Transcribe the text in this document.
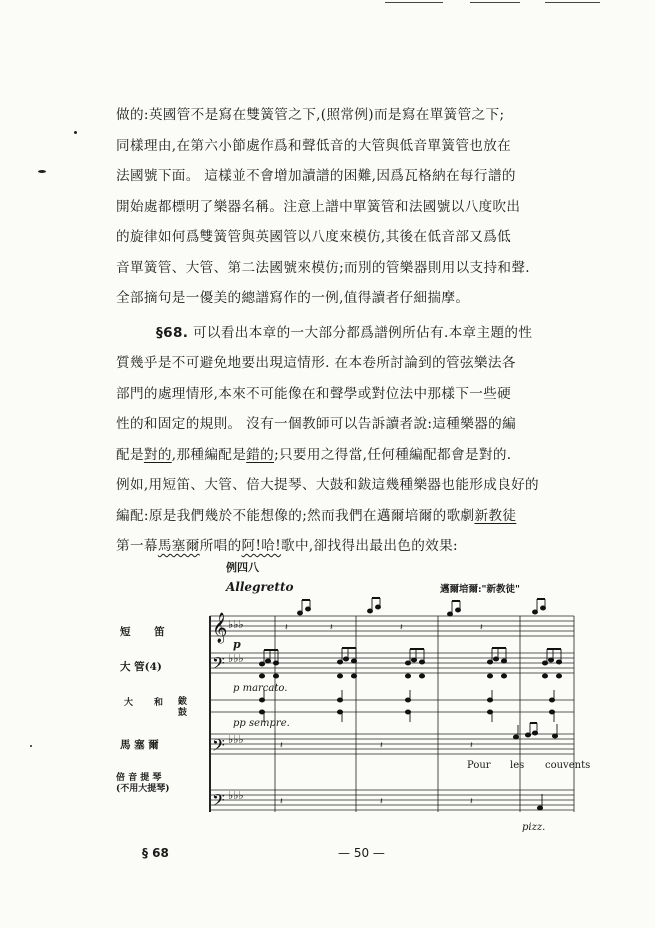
做的:英國管不是寫在雙簧管之下,(照常例)而是寫在單簧管之下;
同樣理由,在第六小節處作爲和聲低音的大管與低音單簧管也放在
法國號下面。 這樣並不會增加讀譜的困難,因爲瓦格納在每行譜的
開始處都標明了樂器名稱。注意上譜中單簧管和法國號以八度吹出
的旋律如何爲雙簧管與英國管以八度來模仿,其後在低音部又爲低
音單簧管、大管、第二法國號來模仿;而別的管樂器則用以支持和聲.
全部摘句是一優美的總譜寫作的一例,值得讀者仔細揣摩。
§68. 可以看出本章的一大部分都爲譜例所佔有.本章主題的性
質幾乎是不可避免地要出現這情形. 在本卷所討論到的管弦樂法各
部門的處理情形,本來不可能像在和聲學或對位法中那樣下一些硬
性的和固定的規則。 沒有一個教師可以告訴讀者說:這種樂器的編
配是對的,那種編配是錯的;只要用之得當,任何種編配都會是對的.
例如,用短笛、大管、倍大提琴、大鼓和鈸這幾種樂器也能形成良好的
編配:原是我們幾於不能想像的;然而我們在邁爾培爾的歌劇新教徒
第一幕馬塞爾所唱的阿!哈!歌中,卻找得出最出色的效果:
例四八
Allegretto	邁爾培爾:"新教徒"
短 笛
大 管(4)
大
鼓
鈸
和
馬 塞 爾
倍 音 提 琴
(不用大提琴)
p
p marcato.
pp sempre.
Pour les couvents
pizz.
𝄞
𝄢
𝄢
𝄢
♭♭♭
♭♭♭
♭♭♭
♭♭♭
𝄽	𝄽	𝄽	𝄽
𝄽	𝄽	𝄽
𝄽	𝄽	𝄽
§ 68	— 50 —
